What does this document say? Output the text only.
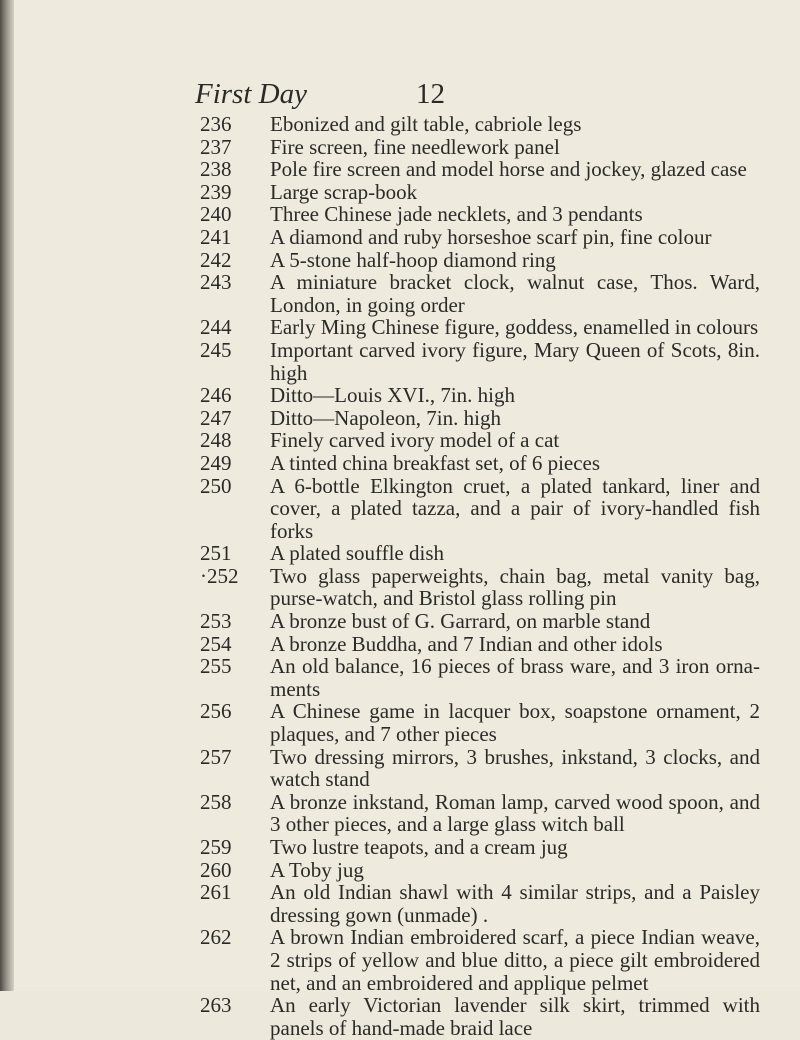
First Day	12
236	Ebonized and gilt table, cabriole legs
237	Fire screen, fine needlework panel
238	Pole fire screen and model horse and jockey, glazed case
239	Large scrap-book
240	Three Chinese jade necklets, and 3 pendants
241	A diamond and ruby horseshoe scarf pin, fine colour
242	A 5-stone half-hoop diamond ring
243	A miniature bracket clock, walnut case, Thos. Ward, London, in going order
244	Early Ming Chinese figure, goddess, enamelled in colours
245	Important carved ivory figure, Mary Queen of Scots, 8in. high
246	Ditto—Louis XVI., 7in. high
247	Ditto—Napoleon, 7in. high
248	Finely carved ivory model of a cat
249	A tinted china breakfast set, of 6 pieces
250	A 6-bottle Elkington cruet, a plated tankard, liner and cover, a plated tazza, and a pair of ivory-handled fish forks
251	A plated souffle dish
·252	Two glass paperweights, chain bag, metal vanity bag, purse-watch, and Bristol glass rolling pin
253	A bronze bust of G. Garrard, on marble stand
254	A bronze Buddha, and 7 Indian and other idols
255	An old balance, 16 pieces of brass ware, and 3 iron orna-ments
256	A Chinese game in lacquer box, soapstone ornament, 2 plaques, and 7 other pieces
257	Two dressing mirrors, 3 brushes, inkstand, 3 clocks, and watch stand
258	A bronze inkstand, Roman lamp, carved wood spoon, and 3 other pieces, and a large glass witch ball
259	Two lustre teapots, and a cream jug
260	A Toby jug
261	An old Indian shawl with 4 similar strips, and a Paisley dressing gown (unmade) .
262	A brown Indian embroidered scarf, a piece Indian weave, 2 strips of yellow and blue ditto, a piece gilt embroidered net, and an embroidered and applique pelmet
263	An early Victorian lavender silk skirt, trimmed with panels of hand-made braid lace
